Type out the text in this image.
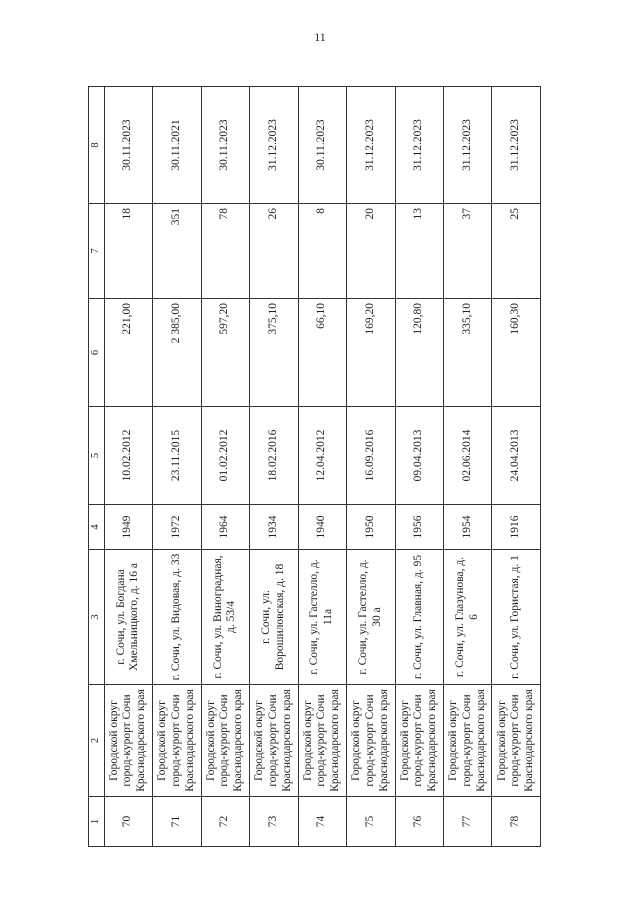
11
1	2	3	4	5	6	7	8
70	Городской округ город-курорт Сочи Краснодарского края	г. Сочи, ул. Богдана Хмельницкого, д. 16 а	1949	10.02.2012	221,00	18	30.11.2023
71	Городской округ город-курорт Сочи Краснодарского края	г. Сочи, ул. Видовая, д. 33	1972	23.11.2015	2 385,00	351	30.11.2021
72	Городской округ город-курорт Сочи Краснодарского края	г. Сочи, ул. Виноградная, д. 53/4	1964	01.02.2012	597,20	78	30.11.2023
73	Городской округ город-курорт Сочи Краснодарского края	г. Сочи, ул. Ворошиловская, д. 18	1934	18.02.2016	375,10	26	31.12.2023
74	Городской округ город-курорт Сочи Краснодарского края	г. Сочи, ул. Гастелло, д. 11а	1940	12.04.2012	66,10	8	30.11.2023
75	Городской округ город-курорт Сочи Краснодарского края	г. Сочи, ул. Гастелло, д. 30 а	1950	16.09.2016	169,20	20	31.12.2023
76	Городской округ город-курорт Сочи Краснодарского края	г. Сочи, ул. Главная, д. 95	1956	09.04.2013	120,80	13	31.12.2023
77	Городской округ город-курорт Сочи Краснодарского края	г. Сочи, ул. Глазунова, д. 6	1954	02.06.2014	335,10	37	31.12.2023
78	Городской округ город-курорт Сочи Краснодарского края	г. Сочи, ул. Гористая, д. 1	1916	24.04.2013	160,30	25	31.12.2023
